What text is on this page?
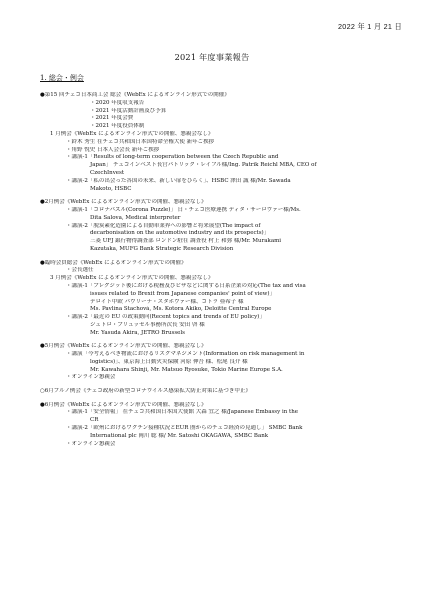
2022 年 1 月 21 日
2021 年度事業報告
1. 総会・例会
●第15 回チェコ日本商工会 総会《WebEx によるオンライン形式での開催》
・2020 年度収支報告
・2021 年度活動計画及び予算
・2021 年度会費
・2021 年度役員体制
1 月例会《WebEx によるオンライン形式での開催、懇親会なし》
・鈴木 秀生 在チェコ共和国日本国特命全権大使 新年ご挨拶
・角野 悦史 日本人会会長 新年ご挨拶
・講演-1「Results of long-term cooperation between the Czech Republic and
Japan」 チェコインベスト長官パトリック・レイフル様/Ing. Patrik Reichl MBA, CEO of
CzechInvest
・講演-2「私の出会った各国の未来、新しい扉をひらく」、HSBC 澤田 誠 様/Mr. Sawada
Makoto, HSBC
●2月例会《WebEx によるオンライン形式での開催、懇親会なし》
・講演-1「コロナパズル(Corona Puzzle)」 日・チェコ医療連携 ディタ・サーロヴァー様/Ms.
Dita Salova, Medical interpreter
・講演-2「脱炭素化造園による自動車業界への影響と将来展望(The impact of
decarbonisation on the automotive industry and its prospects)」
三菱 UFJ 銀行物得調査部 ロンドン駐在 調査役 村上 和弥 様/Mr. Murakami
Kazutaka, MUFG Bank Strategic Research Division
●臨時会員総会《WebEx によるオンライン形式での開催》
・会長選任
3 月例会《WebEx によるオンライン形式での開催、懇親会なし》
・講演-1「ブレグジット後における税務及びビザなどに関する日系企業の対応(The tax and visa
issues related to Brexit from Japanese companies' point of view)」
デロイト中欧 パヴリーナ・スタホヴァー様、コトラ 亜希子 様
Ms. Pavlina Stachová, Ms. Kotora Akiko, Deloitte Central Europe
・講演-2「最近の EU の政策動向(Recent topics and trends of EU policy)」
ジェトロ・ブリュッセル事務所次長 安田 啓 様
Mr. Yasuda Akira, JETRO Brussels
●5月例会《WebEx によるオンライン形式での開催、懇親会なし》
・講演「今考えるべき物流におけるリスクマネジメント(Information on risk management in
logistics)」、東京海上日動火災保険 河原 伸吾 様、松尾 良介 様
Mr. Kawahara Shinji, Mr. Matsuo Ryosuke, Tokio Marine Europe S.A.
・オンライン懇親会
○6月ブルノ例会《チェコ政府の新型コロナウイルス感染拡大防止対策に基づき中止》
●6月例会《WebEx によるオンライン形式での開催、懇親会なし》
・講演-1「安全情報」 在チェコ共和国日本国大使館 大森 宜之 様/Japanese Embassy in the
CR
・講演-2「欧州におけるワクチン接種状況とEUR 圏からのチェコ経済の見通し」 SMBC Bank
International plc 岡川 聡 様/ Mr. Satoshi OKAGAWA, SMBC Bank
・オンライン懇親会
